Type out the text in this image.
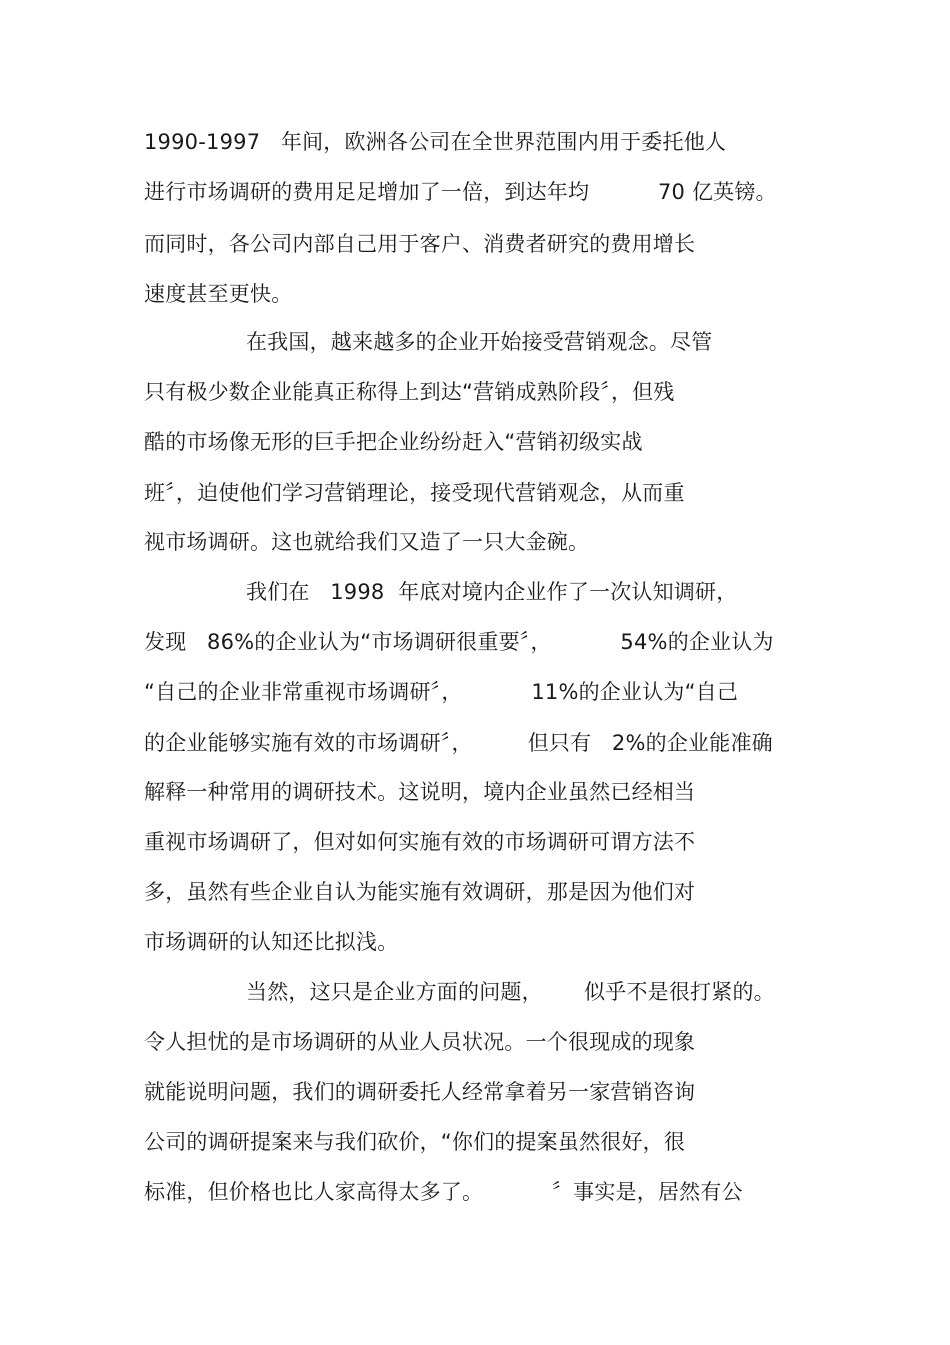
1990-1997   年间，欧洲各公司在全世界范围内用于委托他人
进行市场调研的费用足足增加了一倍，到达年均          70 亿英镑。
而同时，各公司内部自己用于客户、消费者研究的费用增长
速度甚至更快。
在我国，越来越多的企业开始接受营销观念。尽管
只有极少数企业能真正称得上到达“营销成熟阶段〞，但残
酷的市场像无形的巨手把企业纷纷赶入“营销初级实战
班〞，迫使他们学习营销理论，接受现代营销观念，从而重
视市场调研。这也就给我们又造了一只大金碗。
我们在   1998  年底对境内企业作了一次认知调研，
发现   86%的企业认为“市场调研很重要〞，          54%的企业认为
“自己的企业非常重视市场调研〞，          11%的企业认为“自己
的企业能够实施有效的市场调研〞，        但只有   2%的企业能准确
解释一种常用的调研技术。这说明，境内企业虽然已经相当
重视市场调研了，但对如何实施有效的市场调研可谓方法不
多，虽然有些企业自认为能实施有效调研，那是因为他们对
市场调研的认知还比拟浅。
当然，这只是企业方面的问题，      似乎不是很打紧的。
令人担忧的是市场调研的从业人员状况。一个很现成的现象
就能说明问题，我们的调研委托人经常拿着另一家营销咨询
公司的调研提案来与我们砍价，“你们的提案虽然很好，很
标准，但价格也比人家高得太多了。          〞事实是，居然有公
